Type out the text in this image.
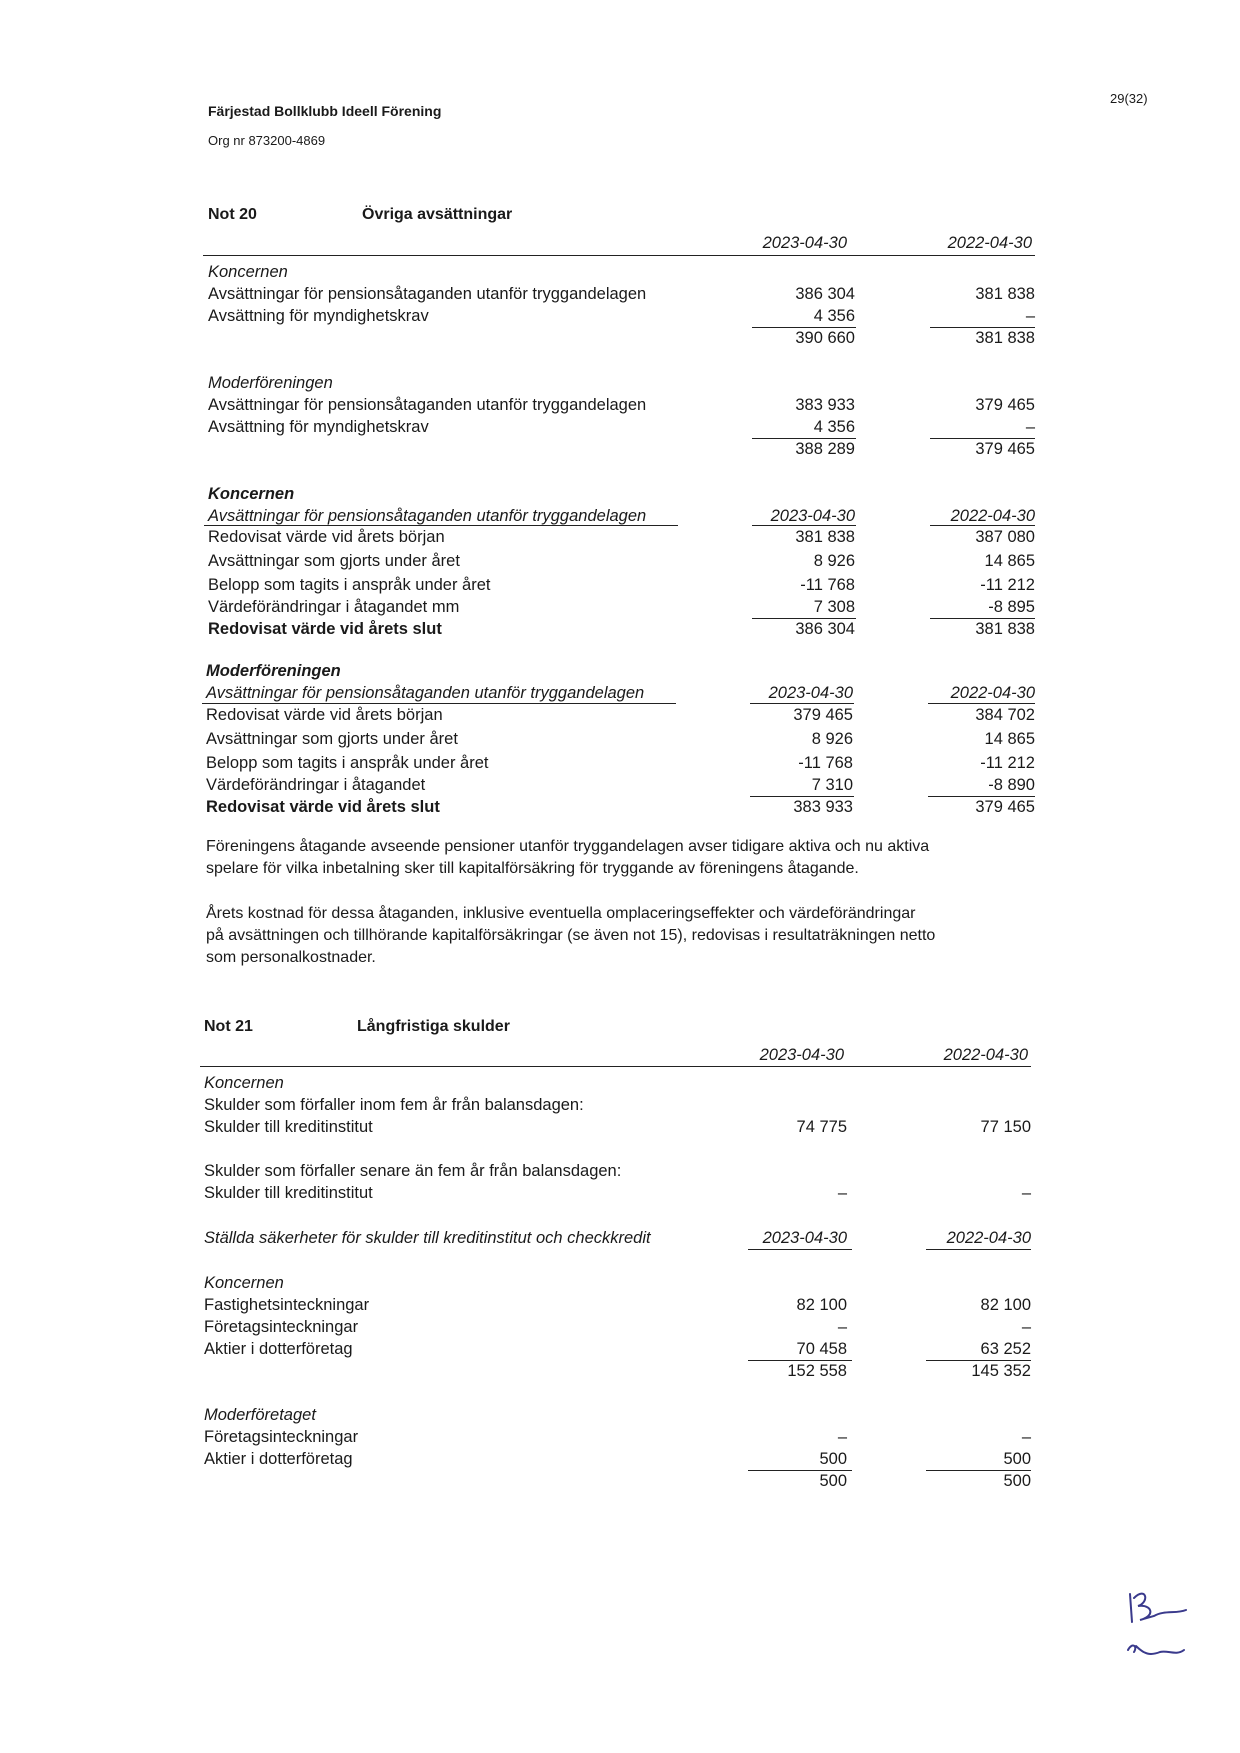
Färjestad Bollklubb Ideell Förening
Org nr 873200-4869
29(32)
Not 20	Övriga avsättningar
2023-04-30	2022-04-30
Koncernen
Avsättningar för pensionsåtaganden utanför tryggandelagen	386 304	381 838
Avsättning för myndighetskrav	4 356	–
390 660	381 838
Moderföreningen
Avsättningar för pensionsåtaganden utanför tryggandelagen	383 933	379 465
Avsättning för myndighetskrav	4 356	–
388 289	379 465
Koncernen
Avsättningar för pensionsåtaganden utanför tryggandelagen	2023-04-30	2022-04-30
Redovisat värde vid årets början	381 838	387 080
Avsättningar som gjorts under året	8 926	14 865
Belopp som tagits i anspråk under året	-11 768	-11 212
Värdeförändringar i åtagandet mm	7 308	-8 895
Redovisat värde vid årets slut	386 304	381 838
Moderföreningen
Avsättningar för pensionsåtaganden utanför tryggandelagen	2023-04-30	2022-04-30
Redovisat värde vid årets början	379 465	384 702
Avsättningar som gjorts under året	8 926	14 865
Belopp som tagits i anspråk under året	-11 768	-11 212
Värdeförändringar i åtagandet	7 310	-8 890
Redovisat värde vid årets slut	383 933	379 465
Föreningens åtagande avseende pensioner utanför tryggandelagen avser tidigare aktiva och nu aktiva
spelare för vilka inbetalning sker till kapitalförsäkring för tryggande av föreningens åtagande.
Årets kostnad för dessa åtaganden, inklusive eventuella omplaceringseffekter och värdeförändringar
på avsättningen och tillhörande kapitalförsäkringar (se även not 15), redovisas i resultaträkningen netto
som personalkostnader.
Not 21	Långfristiga skulder
2023-04-30	2022-04-30
Koncernen
Skulder som förfaller inom fem år från balansdagen:
Skulder till kreditinstitut	74 775	77 150
Skulder som förfaller senare än fem år från balansdagen:
Skulder till kreditinstitut	–	–
Ställda säkerheter för skulder till kreditinstitut och checkkredit	2023-04-30	2022-04-30
Koncernen
Fastighetsinteckningar	82 100	82 100
Företagsinteckningar	–	–
Aktier i dotterföretag	70 458	63 252
152 558	145 352
Moderföretaget
Företagsinteckningar	–	–
Aktier i dotterföretag	500	500
500	500
